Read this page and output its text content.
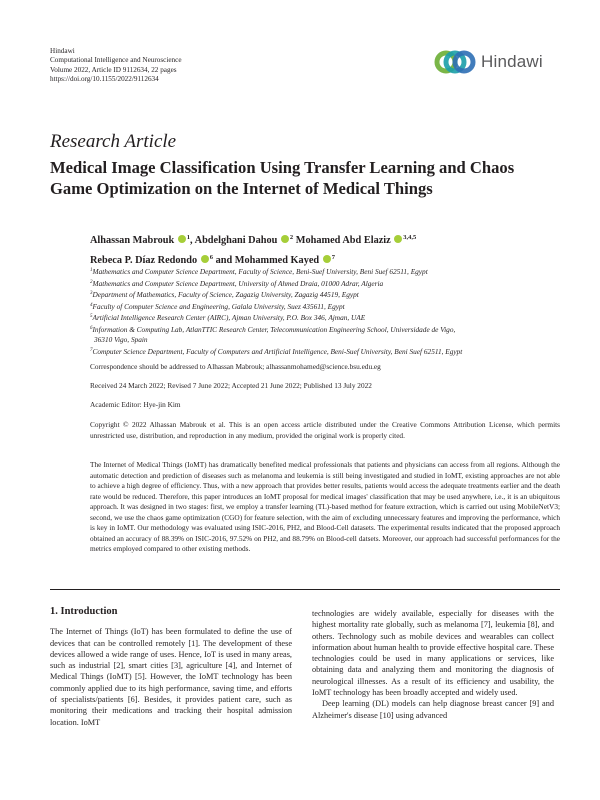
Hindawi
Computational Intelligence and Neuroscience
Volume 2022, Article ID 9112634, 22 pages
https://doi.org/10.1155/2022/9112634
Hindawi
Research Article
Medical Image Classification Using Transfer Learning and Chaos Game Optimization on the Internet of Medical Things
Alhassan Mabrouk $^1$, Abdelghani Dahou $^2$ Mohamed Abd Elaziz $^{3,4,5}$
Rebeca P. Díaz Redondo $^6$ and Mohammed Kayed $^7$
$^1$Mathematics and Computer Science Department, Faculty of Science, Beni-Suef University, Beni Suef 62511, Egypt
$^2$Mathematics and Computer Science Department, University of Ahmed Draia, 01000 Adrar, Algeria
$^3$Department of Mathematics, Faculty of Science, Zagazig University, Zagazig 44519, Egypt
$^4$Faculty of Computer Science and Engineering, Galala University, Suez 435611, Egypt
$^5$Artificial Intelligence Research Center (AIRC), Ajman University, P.O. Box 346, Ajman, UAE
$^6$Information & Computing Lab, AtlanTTIC Research Center, Telecommunication Engineering School, Universidade de Vigo,
36310 Vigo, Spain
$^7$Computer Science Department, Faculty of Computers and Artificial Intelligence, Beni-Suef University, Beni Suef 62511, Egypt
Correspondence should be addressed to Alhassan Mabrouk; alhassanmohamed@science.bsu.edu.eg
Received 24 March 2022; Revised 7 June 2022; Accepted 21 June 2022; Published 13 July 2022
Academic Editor: Hye-jin Kim
Copyright © 2022 Alhassan Mabrouk et al. This is an open access article distributed under the Creative Commons Attribution License, which permits unrestricted use, distribution, and reproduction in any medium, provided the original work is properly cited.
The Internet of Medical Things (IoMT) has dramatically benefited medical professionals that patients and physicians can access from all regions. Although the automatic detection and prediction of diseases such as melanoma and leukemia is still being investigated and studied in IoMT, existing approaches are not able to achieve a high degree of efficiency. Thus, with a new approach that provides better results, patients would access the adequate treatments earlier and the death rate would be reduced. Therefore, this paper introduces an IoMT proposal for medical images' classification that may be used anywhere, i.e., it is an ubiquitous approach. It was designed in two stages: first, we employ a transfer learning (TL)-based method for feature extraction, which is carried out using MobileNetV3; second, we use the chaos game optimization (CGO) for feature selection, with the aim of excluding unnecessary features and improving the performance, which is key in IoMT. Our methodology was evaluated using ISIC-2016, PH2, and Blood-Cell datasets. The experimental results indicated that the proposed approach obtained an accuracy of 88.39% on ISIC-2016, 97.52% on PH2, and 88.79% on Blood-cell datsets. Moreover, our approach had successful performances for the metrics employed compared to other existing methods.
1. Introduction
The Internet of Things (IoT) has been formulated to define the use of devices that can be controlled remotely [1]. The development of these devices allowed a wide range of uses. Hence, IoT is used in many areas, such as industrial [2], smart cities [3], agriculture [4], and Internet of Medical Things (IoMT) [5]. However, the IoMT technology has been commonly applied due to its high performance, saving time, and efforts of specialists/patients [6]. Besides, it provides patient care, such as monitoring their medications and tracking their hospital admission location. IoMT
technologies are widely available, especially for diseases with the highest mortality rate globally, such as melanoma [7], leukemia [8], and others. Technology such as mobile devices and wearables can collect information about human health to provide effective hospital care. These technologies could be used in many applications or services, like obtaining data and analyzing them and monitoring the diagnosis of neurological illnesses. As a result of its efficiency and usability, the IoMT technology has been broadly accepted and widely used.
Deep learning (DL) models can help diagnose breast cancer [9] and Alzheimer's disease [10] using advanced
